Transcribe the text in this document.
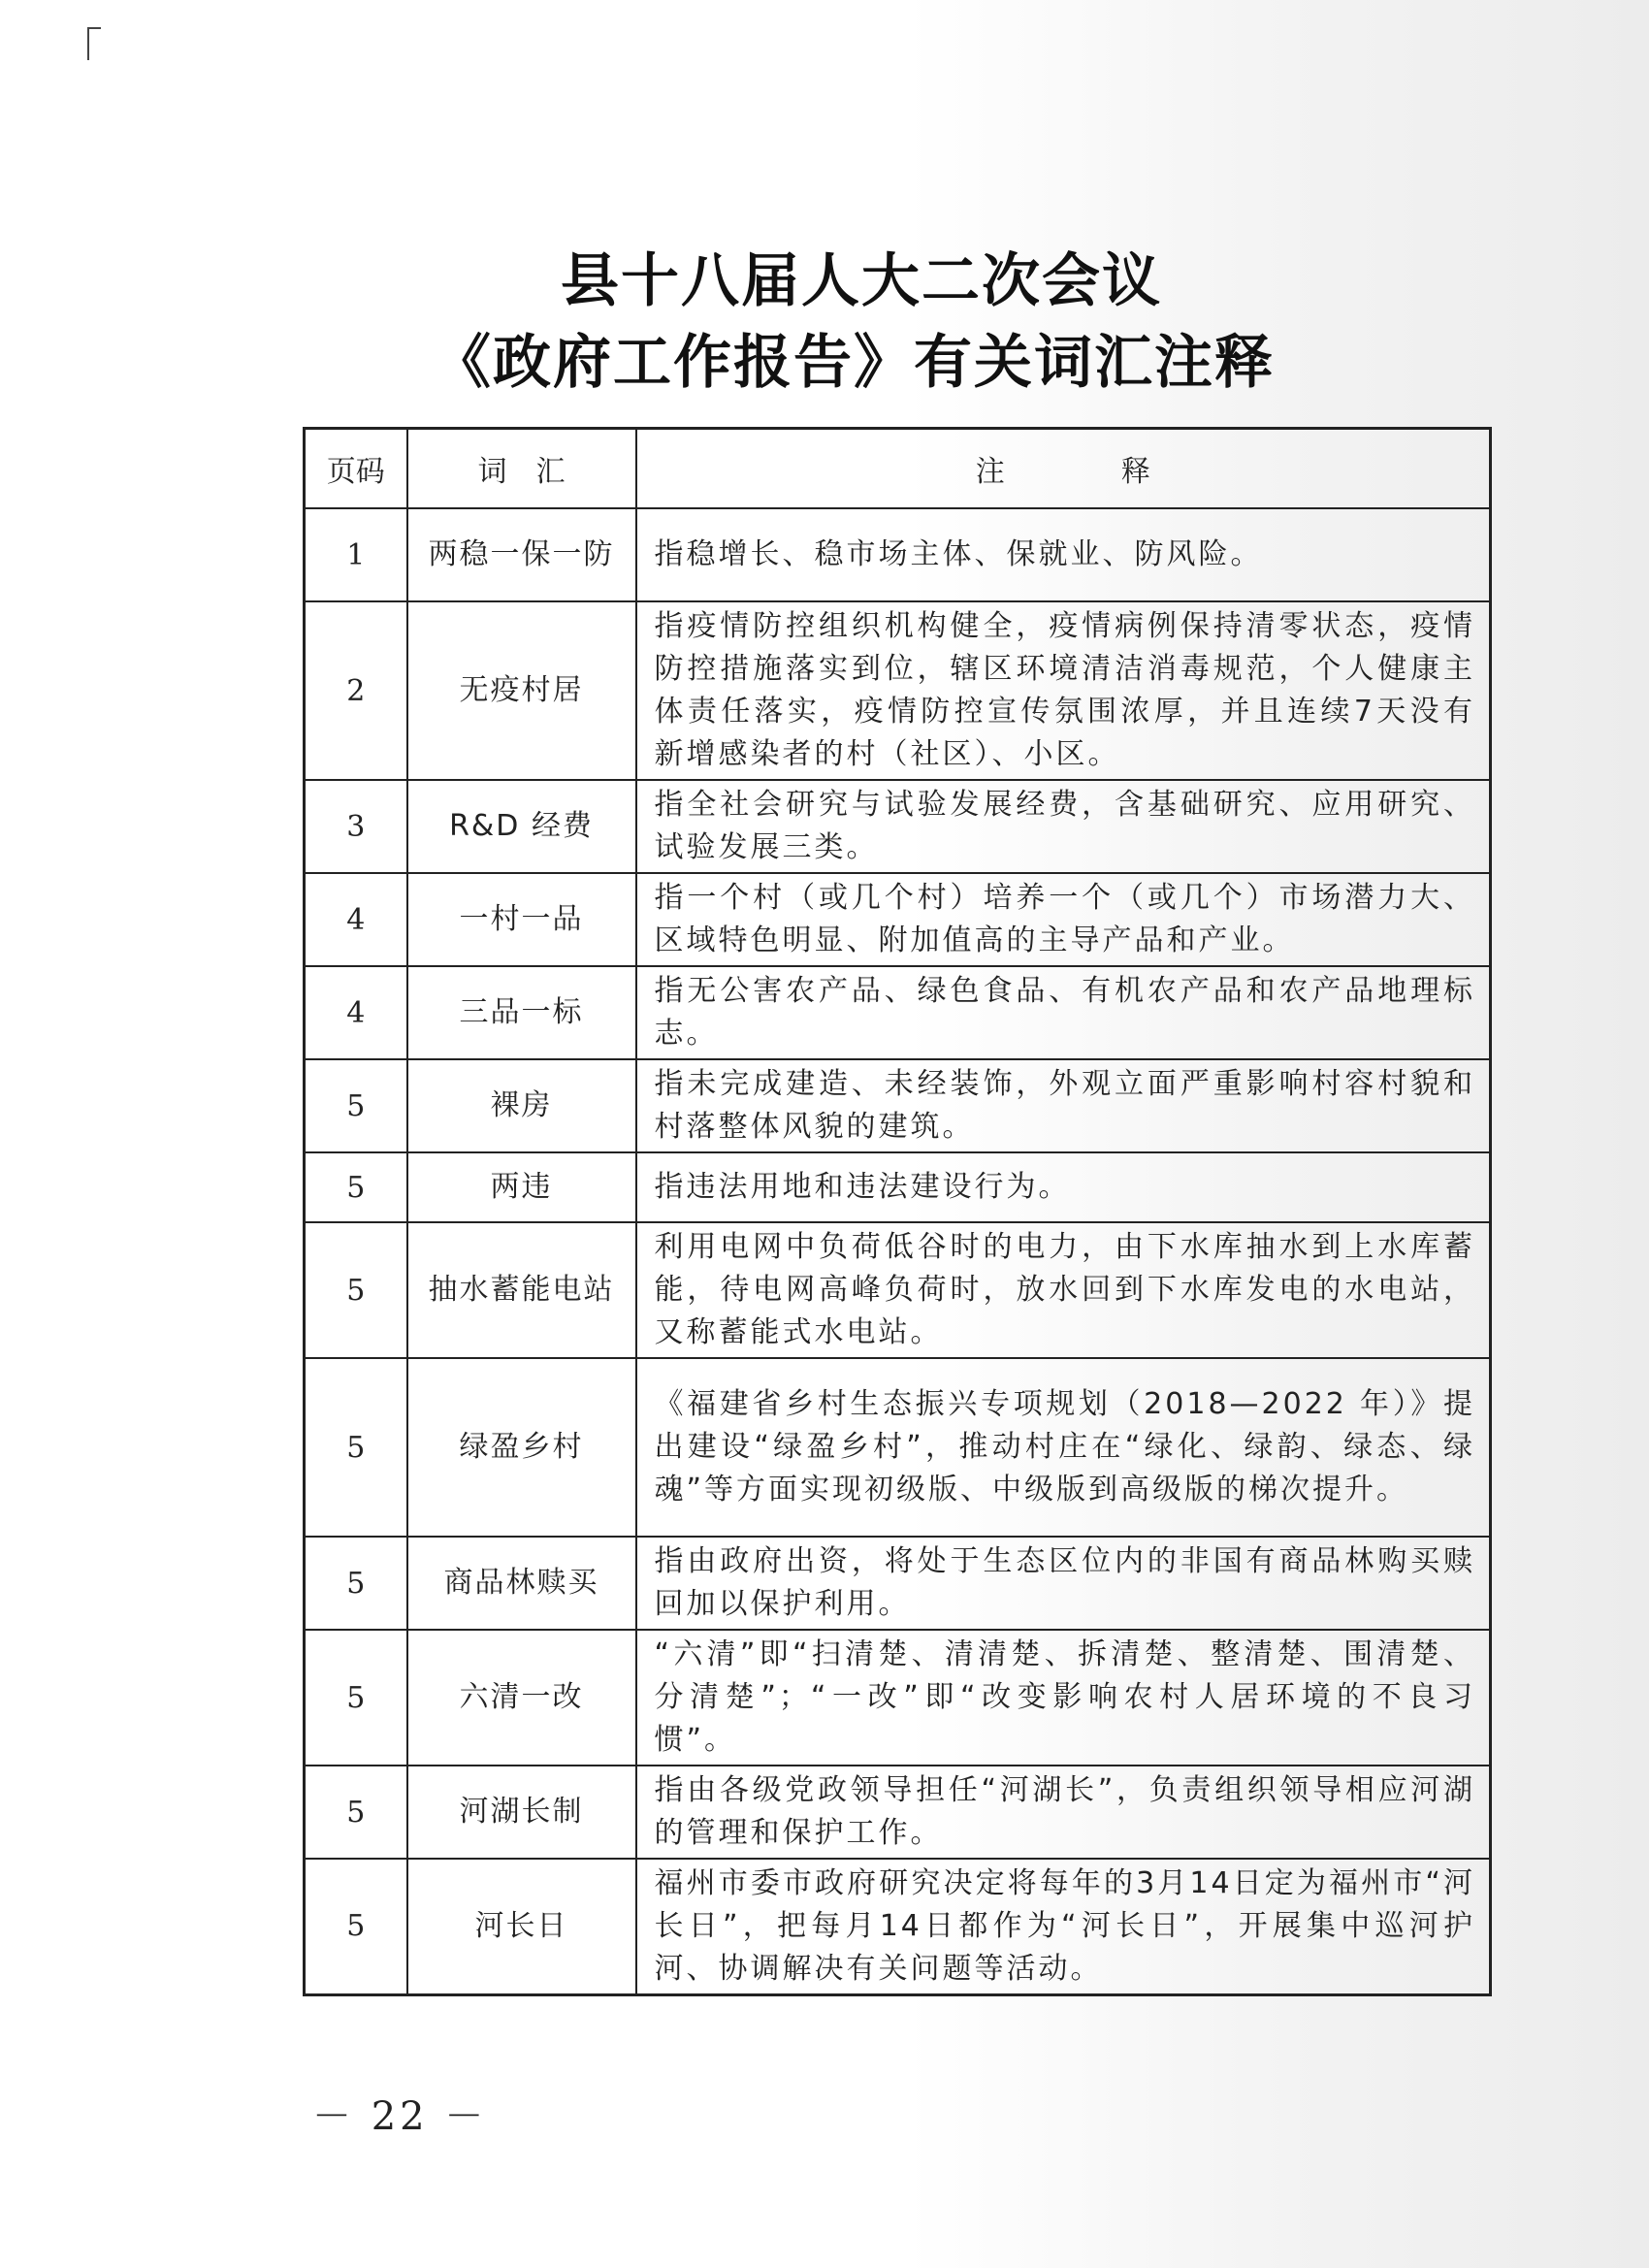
县十八届人大二次会议
《政府工作报告》有关词汇注释
页码	词　汇	注　　　　释
1	两稳一保一防	指稳增长、稳市场主体、保就业、防风险。
2	无疫村居	指疫情防控组织机构健全，疫情病例保持清零状态，疫情防控措施落实到位，辖区环境清洁消毒规范，个人健康主体责任落实，疫情防控宣传氛围浓厚，并且连续7天没有新增感染者的村（社区）、小区。
3	R&D 经费	指全社会研究与试验发展经费，含基础研究、应用研究、试验发展三类。
4	一村一品	指一个村（或几个村）培养一个（或几个）市场潜力大、区域特色明显、附加值高的主导产品和产业。
4	三品一标	指无公害农产品、绿色食品、有机农产品和农产品地理标志。
5	裸房	指未完成建造、未经装饰，外观立面严重影响村容村貌和村落整体风貌的建筑。
5	两违	指违法用地和违法建设行为。
5	抽水蓄能电站	利用电网中负荷低谷时的电力，由下水库抽水到上水库蓄能，待电网高峰负荷时，放水回到下水库发电的水电站，又称蓄能式水电站。
5	绿盈乡村	《福建省乡村生态振兴专项规划（2018—2022 年）》提出建设“绿盈乡村”，推动村庄在“绿化、绿韵、绿态、绿魂”等方面实现初级版、中级版到高级版的梯次提升。
5	商品林赎买	指由政府出资，将处于生态区位内的非国有商品林购买赎回加以保护利用。
5	六清一改	“六清”即“扫清楚、清清楚、拆清楚、整清楚、围清楚、分清楚”；“一改”即“改变影响农村人居环境的不良习惯”。
5	河湖长制	指由各级党政领导担任“河湖长”，负责组织领导相应河湖的管理和保护工作。
5	河长日	福州市委市政府研究决定将每年的3月14日定为福州市“河长日”，把每月14日都作为“河长日”，开展集中巡河护河、协调解决有关问题等活动。
－ 22 －
